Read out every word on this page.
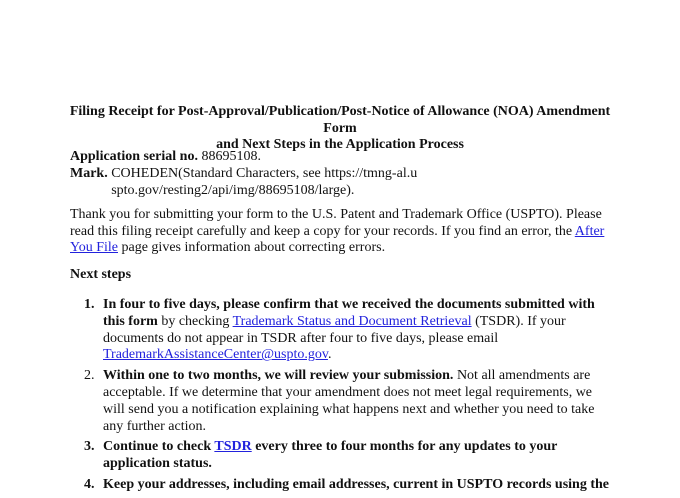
Filing Receipt for Post-Approval/Publication/Post-Notice of Allowance (NOA) Amendment Form
and Next Steps in the Application Process
Application serial no. 88695108.
Mark. COHEDEN(Standard Characters, see https://tmng-al.uspto.gov/resting2/api/img/88695108/large).
Thank you for submitting your form to the U.S. Patent and Trademark Office (USPTO). Please read this filing receipt carefully and keep a copy for your records. If you find an error, the After You File page gives information about correcting errors.
Next steps
1. In four to five days, please confirm that we received the documents submitted with this form by checking Trademark Status and Document Retrieval (TSDR). If your documents do not appear in TSDR after four to five days, please email TrademarkAssistanceCenter@uspto.gov.
2. Within one to two months, we will review your submission. Not all amendments are acceptable. If we determine that your amendment does not meet legal requirements, we will send you a notification explaining what happens next and whether you need to take any further action.
3. Continue to check TSDR every three to four months for any updates to your application status.
4. Keep your addresses, including email addresses, current in USPTO records using the
